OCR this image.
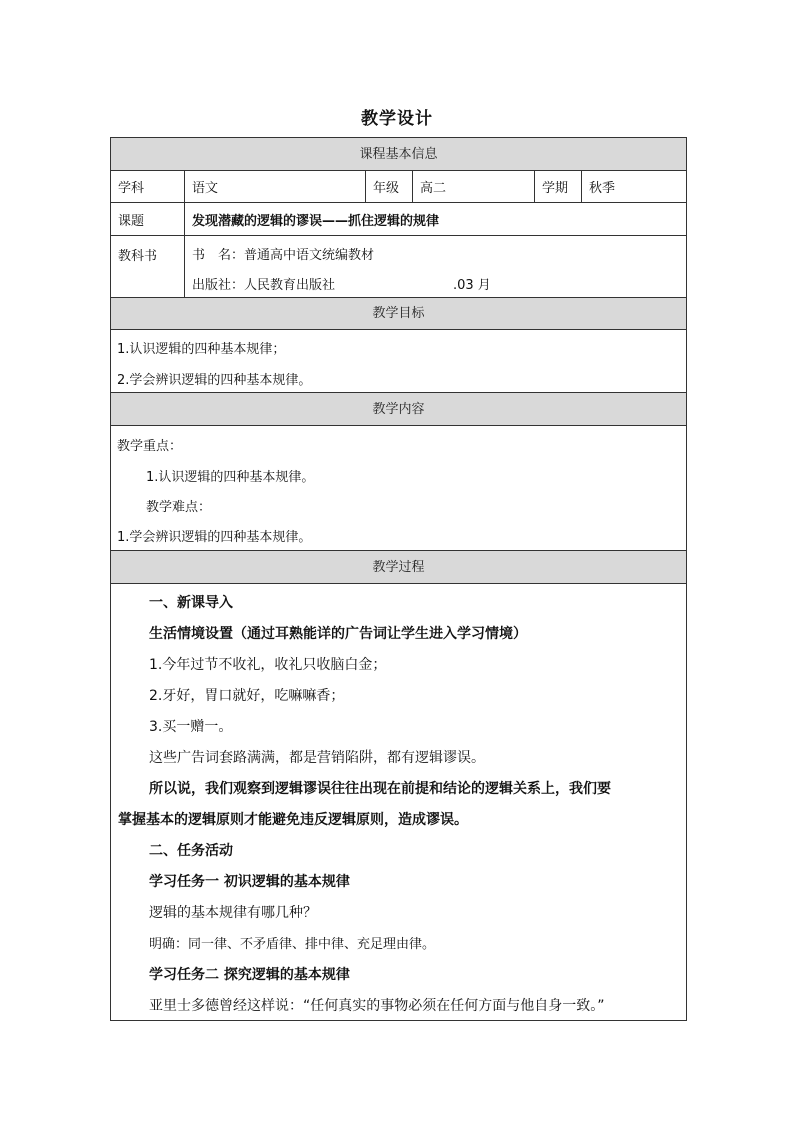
教学设计
课程基本信息
学科	语文	年级	高二	学期	秋季
课题	发现潜藏的逻辑的谬误——抓住逻辑的规律
教科书	书　名：普通高中语文统编教材
出版社：人民教育出版社	.03 月
教学目标
1.认识逻辑的四种基本规律；
2.学会辨识逻辑的四种基本规律。
教学内容
教学重点：
1.认识逻辑的四种基本规律。
教学难点：
1.学会辨识逻辑的四种基本规律。
教学过程
一、新课导入
生活情境设置（通过耳熟能详的广告词让学生进入学习情境）
1.今年过节不收礼，收礼只收脑白金；
2.牙好，胃口就好，吃嘛嘛香；
3.买一赠一。
这些广告词套路满满，都是营销陷阱，都有逻辑谬误。
所以说，我们观察到逻辑谬误往往出现在前提和结论的逻辑关系上，我们要
掌握基本的逻辑原则才能避免违反逻辑原则，造成谬误。
二、任务活动
学习任务一 初识逻辑的基本规律
逻辑的基本规律有哪几种？
明确：同一律、不矛盾律、排中律、充足理由律。
学习任务二 探究逻辑的基本规律
亚里士多德曾经这样说：“任何真实的事物必须在任何方面与他自身一致。”
